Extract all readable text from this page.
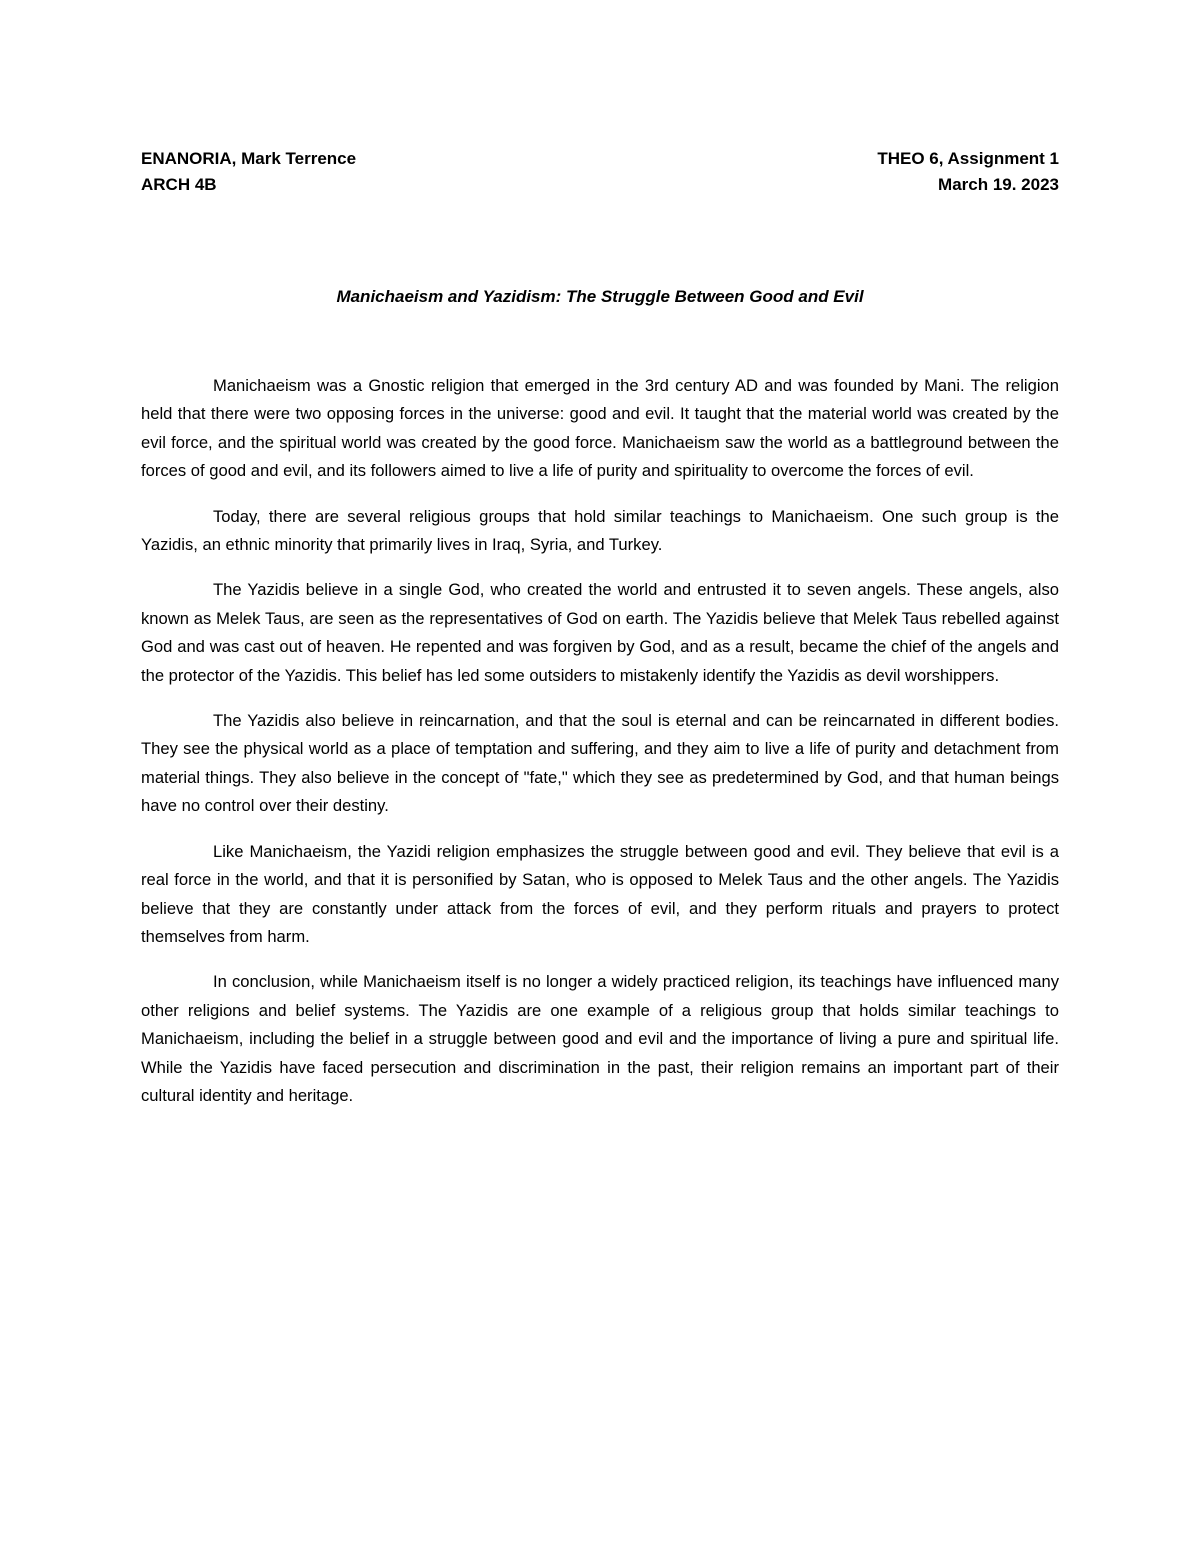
ENANORIA, Mark Terrence	THEO 6, Assignment 1
ARCH 4B	March 19. 2023
Manichaeism and Yazidism: The Struggle Between Good and Evil

Manichaeism was a Gnostic religion that emerged in the 3rd century AD and was founded by Mani. The religion held that there were two opposing forces in the universe: good and evil. It taught that the material world was created by the evil force, and the spiritual world was created by the good force. Manichaeism saw the world as a battleground between the forces of good and evil, and its followers aimed to live a life of purity and spirituality to overcome the forces of evil.

Today, there are several religious groups that hold similar teachings to Manichaeism. One such group is the Yazidis, an ethnic minority that primarily lives in Iraq, Syria, and Turkey.

The Yazidis believe in a single God, who created the world and entrusted it to seven angels. These angels, also known as Melek Taus, are seen as the representatives of God on earth. The Yazidis believe that Melek Taus rebelled against God and was cast out of heaven. He repented and was forgiven by God, and as a result, became the chief of the angels and the protector of the Yazidis. This belief has led some outsiders to mistakenly identify the Yazidis as devil worshippers.

The Yazidis also believe in reincarnation, and that the soul is eternal and can be reincarnated in different bodies. They see the physical world as a place of temptation and suffering, and they aim to live a life of purity and detachment from material things. They also believe in the concept of "fate," which they see as predetermined by God, and that human beings have no control over their destiny.

Like Manichaeism, the Yazidi religion emphasizes the struggle between good and evil. They believe that evil is a real force in the world, and that it is personified by Satan, who is opposed to Melek Taus and the other angels. The Yazidis believe that they are constantly under attack from the forces of evil, and they perform rituals and prayers to protect themselves from harm.

In conclusion, while Manichaeism itself is no longer a widely practiced religion, its teachings have influenced many other religions and belief systems. The Yazidis are one example of a religious group that holds similar teachings to Manichaeism, including the belief in a struggle between good and evil and the importance of living a pure and spiritual life. While the Yazidis have faced persecution and discrimination in the past, their religion remains an important part of their cultural identity and heritage.
